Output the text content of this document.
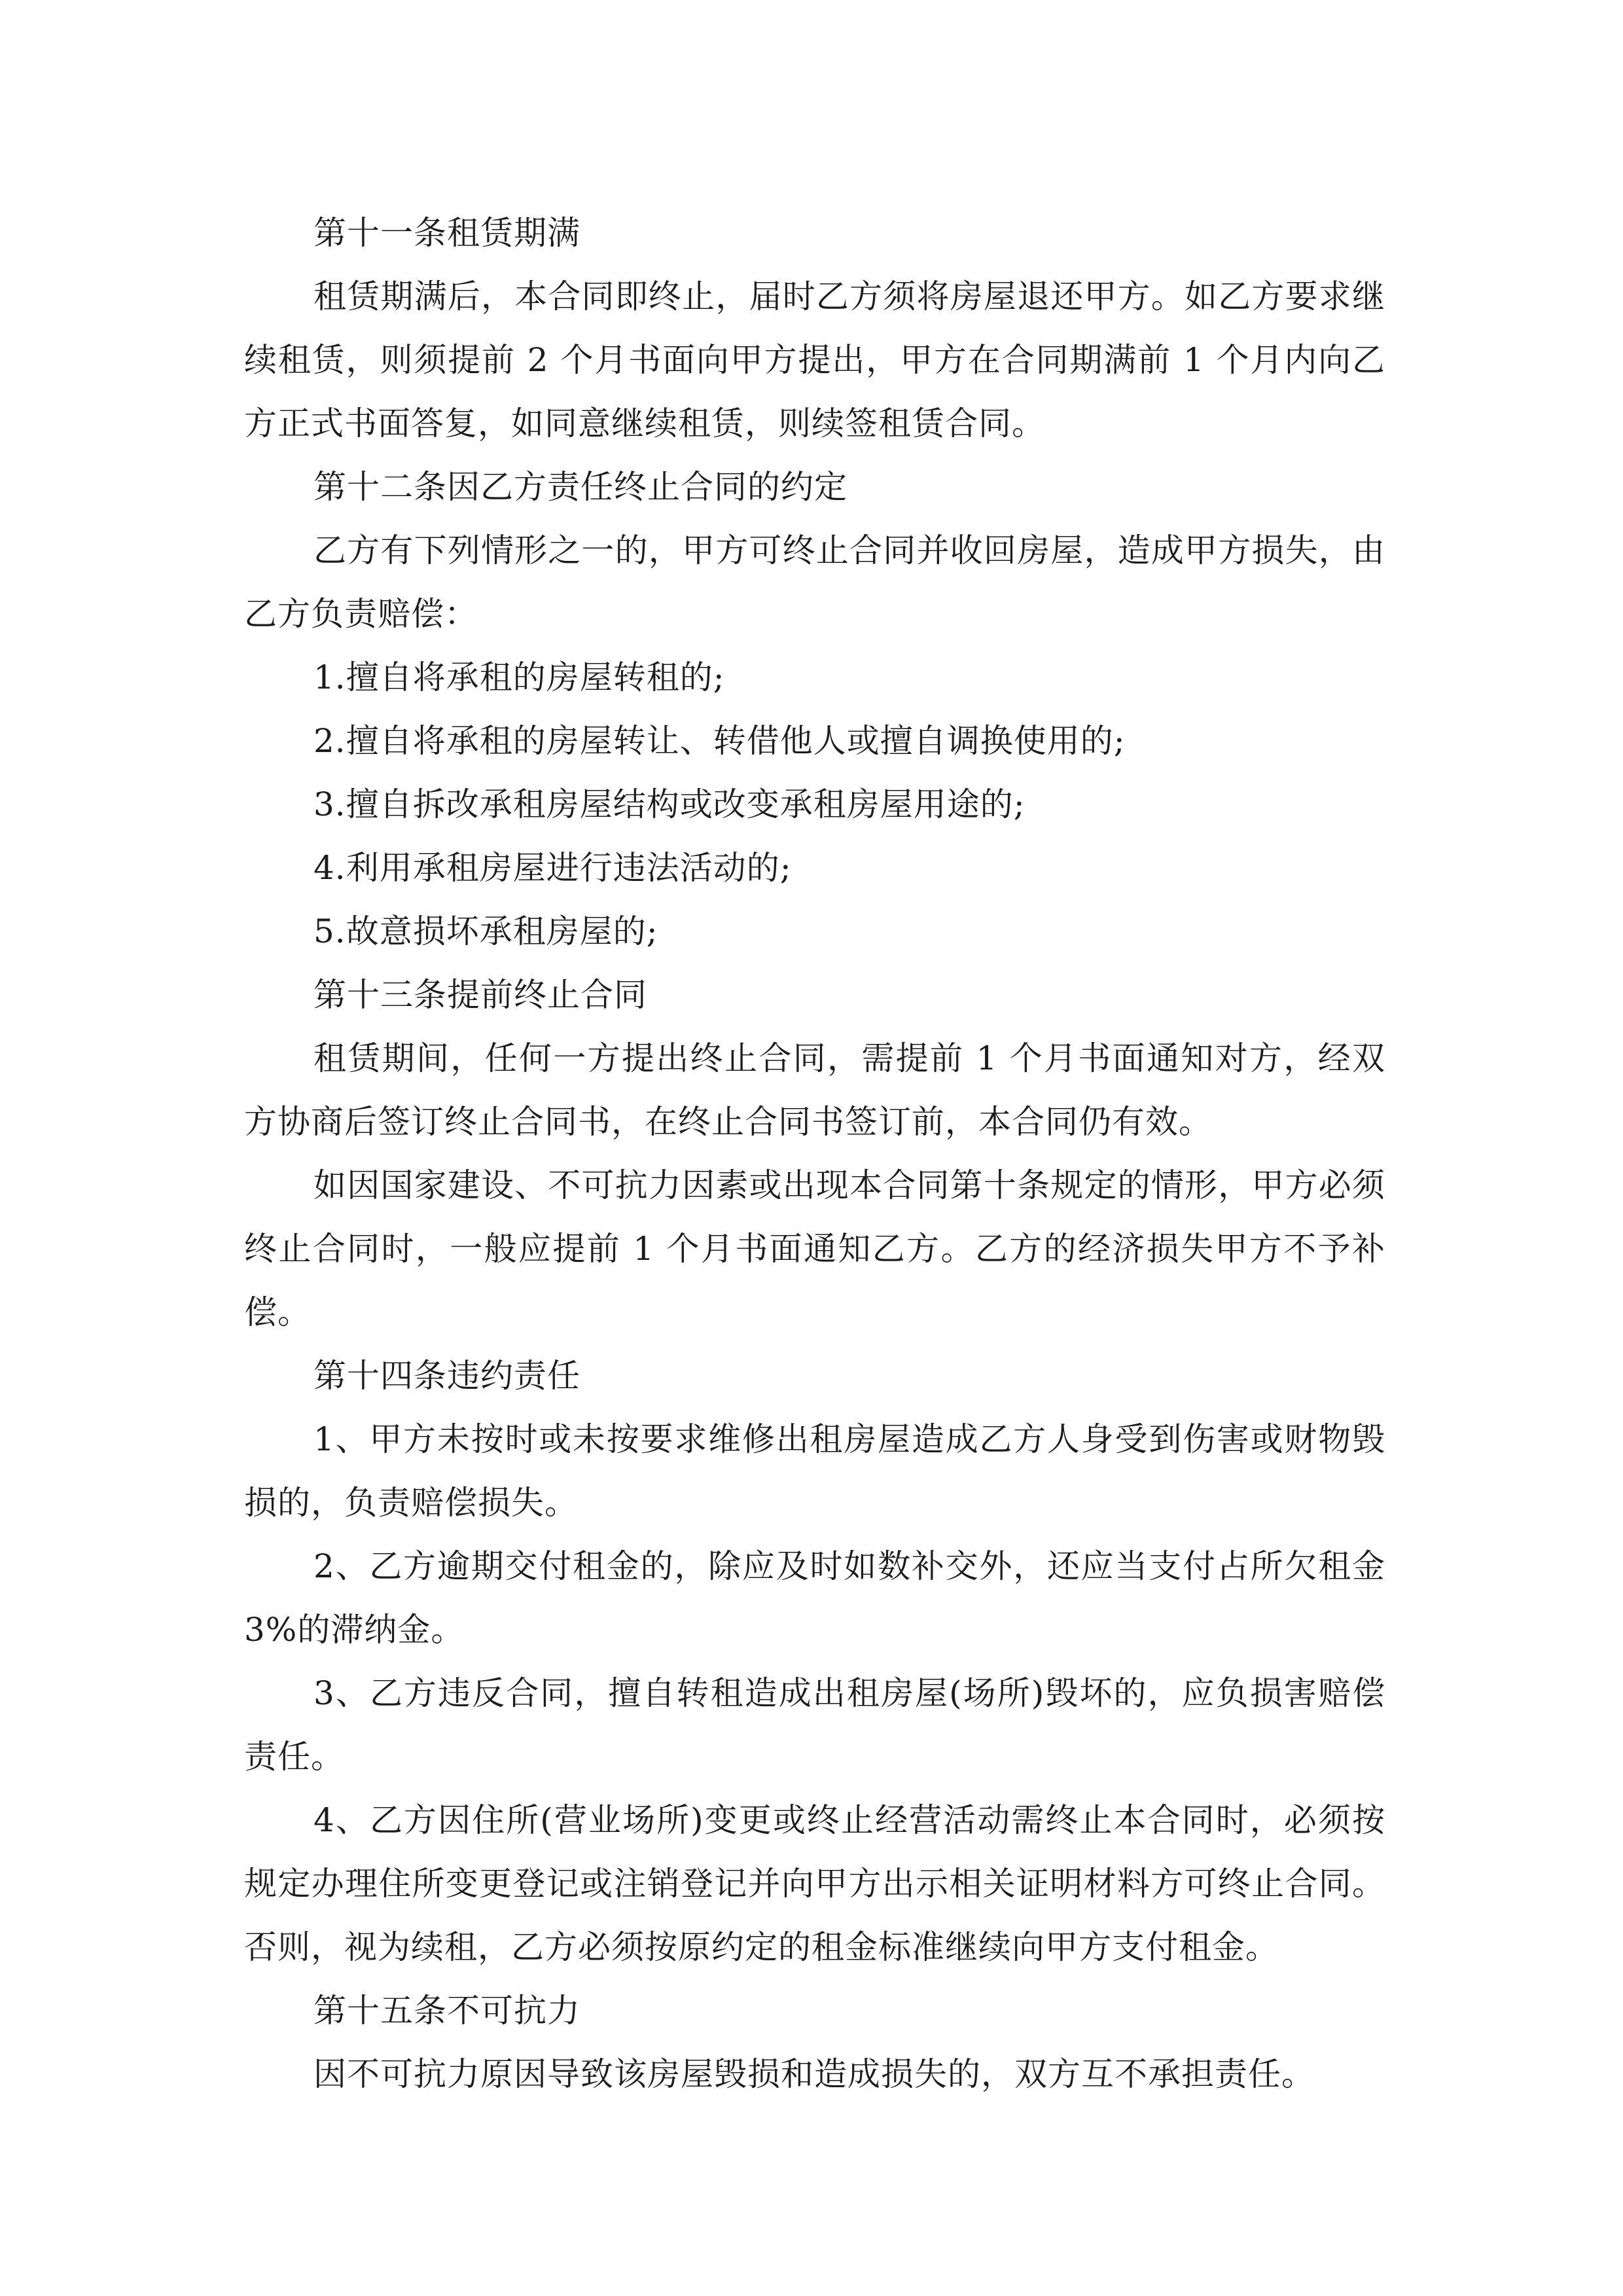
第十一条租赁期满

租赁期满后，本合同即终止，届时乙方须将房屋退还甲方。如乙方要求继续租赁，则须提前 2 个月书面向甲方提出，甲方在合同期满前 1 个月内向乙方正式书面答复，如同意继续租赁，则续签租赁合同。

第十二条因乙方责任终止合同的约定

乙方有下列情形之一的，甲方可终止合同并收回房屋，造成甲方损失，由乙方负责赔偿：

1.擅自将承租的房屋转租的;

2.擅自将承租的房屋转让、转借他人或擅自调换使用的;

3.擅自拆改承租房屋结构或改变承租房屋用途的;

4.利用承租房屋进行违法活动的;

5.故意损坏承租房屋的;

第十三条提前终止合同

租赁期间，任何一方提出终止合同，需提前 1 个月书面通知对方，经双方协商后签订终止合同书，在终止合同书签订前，本合同仍有效。

如因国家建设、不可抗力因素或出现本合同第十条规定的情形，甲方必须终止合同时，一般应提前 1 个月书面通知乙方。乙方的经济损失甲方不予补偿。

第十四条违约责任

1、甲方未按时或未按要求维修出租房屋造成乙方人身受到伤害或财物毁损的，负责赔偿损失。

2、乙方逾期交付租金的，除应及时如数补交外，还应当支付占所欠租金 3%的滞纳金。

3、乙方违反合同，擅自转租造成出租房屋(场所)毁坏的，应负损害赔偿责任。

4、乙方因住所(营业场所)变更或终止经营活动需终止本合同时，必须按规定办理住所变更登记或注销登记并向甲方出示相关证明材料方可终止合同。否则，视为续租，乙方必须按原约定的租金标准继续向甲方支付租金。

第十五条不可抗力

因不可抗力原因导致该房屋毁损和造成损失的，双方互不承担责任。
